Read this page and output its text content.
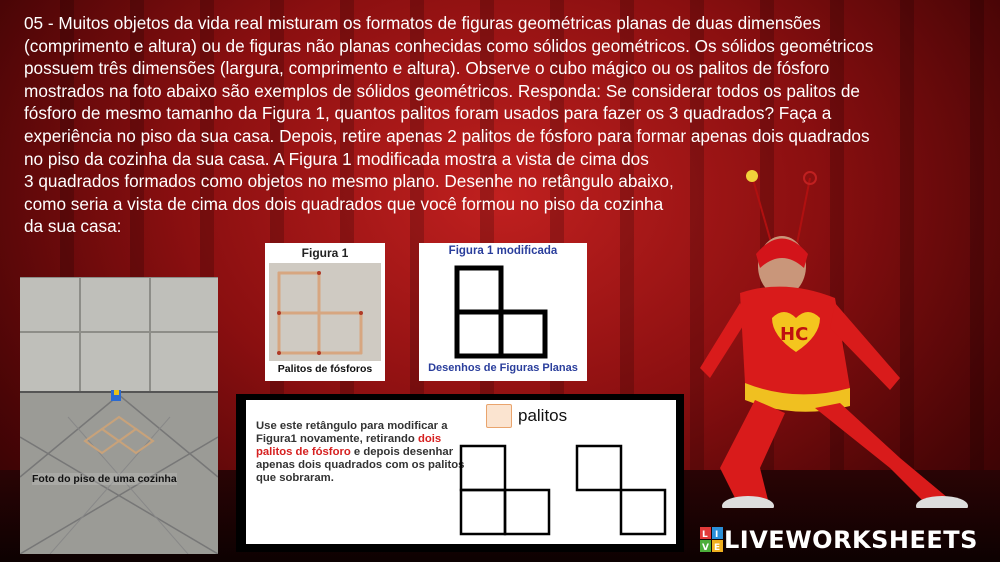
05 - Muitos objetos da vida real misturam os formatos de figuras geométricas planas de duas dimensões
(comprimento e altura) ou de figuras não planas conhecidas como sólidos geométricos. Os sólidos geométricos
possuem três dimensões (largura, comprimento e altura). Observe o cubo mágico ou os palitos de fósforo
mostrados na foto abaixo são exemplos de sólidos geométricos. Responda: Se considerar todos os palitos de
fósforo de mesmo tamanho da Figura 1, quantos palitos foram usados para fazer os 3 quadrados? Faça a
experiência no piso da sua casa. Depois, retire apenas 2 palitos de fósforo para formar apenas dois quadrados
no piso da cozinha da sua casa. A Figura 1 modificada mostra a vista de cima dos
3 quadrados formados como objetos no mesmo plano. Desenhe no retângulo abaixo,
como seria a vista de cima dos dois quadrados que você formou no piso da cozinha
da sua casa:
Foto do piso de uma cozinha
Figura 1
Palitos de fósforos
Figura 1 modificada
Desenhos de Figuras Planas
Use este retângulo para modificar a Figura1 novamente, retirando dois palitos de fósforo e depois desenhar apenas dois quadrados com os palitos que sobraram.
palitos
HC
L I
V E LIVEWORKSHEETS
